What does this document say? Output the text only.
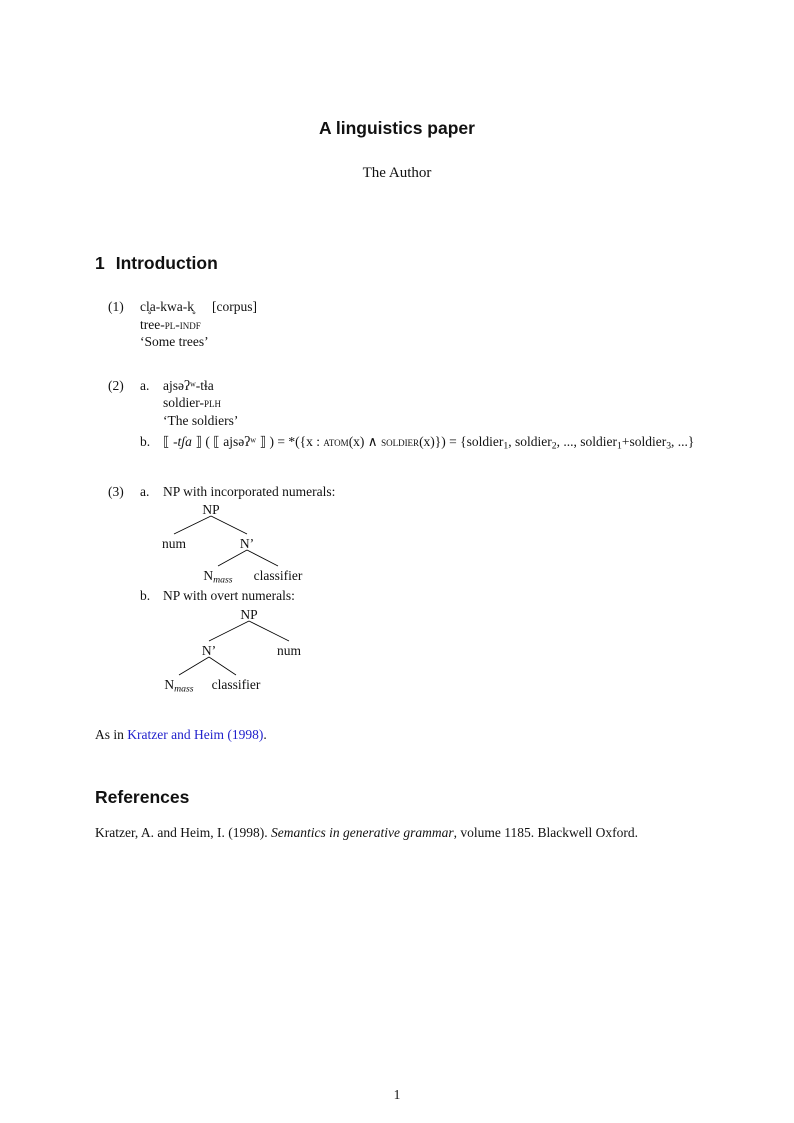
A linguistics paper
The Author
1 Introduction
(1)	cl̥a-kwa-k̥ [corpus]
tree-pl-indf
‘Some trees’
(2)	a.	ajsəʔʷ-tɬa
soldier-plh
‘The soldiers’
b. ⟦ -tʃa ⟧ ( ⟦ ajsəʔʷ ⟧ ) = *({x : atom(x) ∧ soldier(x)}) = {soldier$_1$, soldier$_2$, ..., soldier$_1$+soldier$_3$, ...}
(3)	a.	NP with incorporated numerals:
NP
num	N’
$N_{mass}$ classifier
b. NP with overt numerals:
NP
N’	num
$N_{mass}$ classifier
As in Kratzer and Heim (1998).
References
Kratzer, A. and Heim, I. (1998). Semantics in generative grammar, volume 1185. Blackwell Oxford.
1
